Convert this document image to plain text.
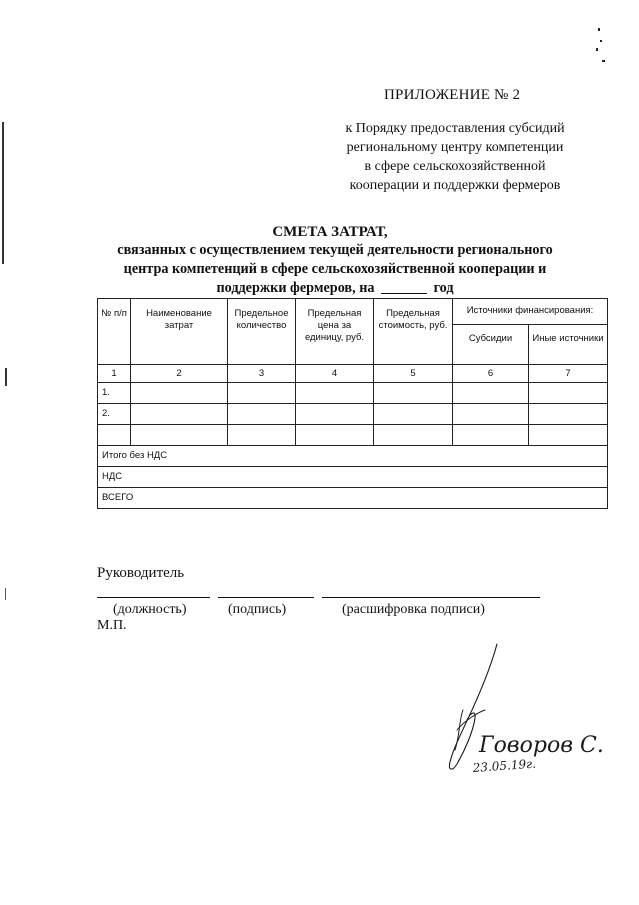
ПРИЛОЖЕНИЕ № 2
к Порядку предоставления субсидий
региональному центру компетенции
в сфере сельскохозяйственной
кооперации и поддержки фермеров
СМЕТА ЗАТРАТ,
связанных с осуществлением текущей деятельности регионального
центра компетенций в сфере сельскохозяйственной кооперации и
поддержки фермеров, на	год
№ п/п	Наименование затрат	Предельное количество	Предельная цена за единицу, руб.	Предельная стоимость, руб.	Источники финансирования:	
					Субсидии	Иные источники
1	2	3	4	5	6	7
1.						
2.						

Итого без НДС						
НДС						
ВСЕГО						
Руководитель
(должность)	(подпись)	(расшифровка подписи)
М.П.
Говоров С.
23.05.19г.
